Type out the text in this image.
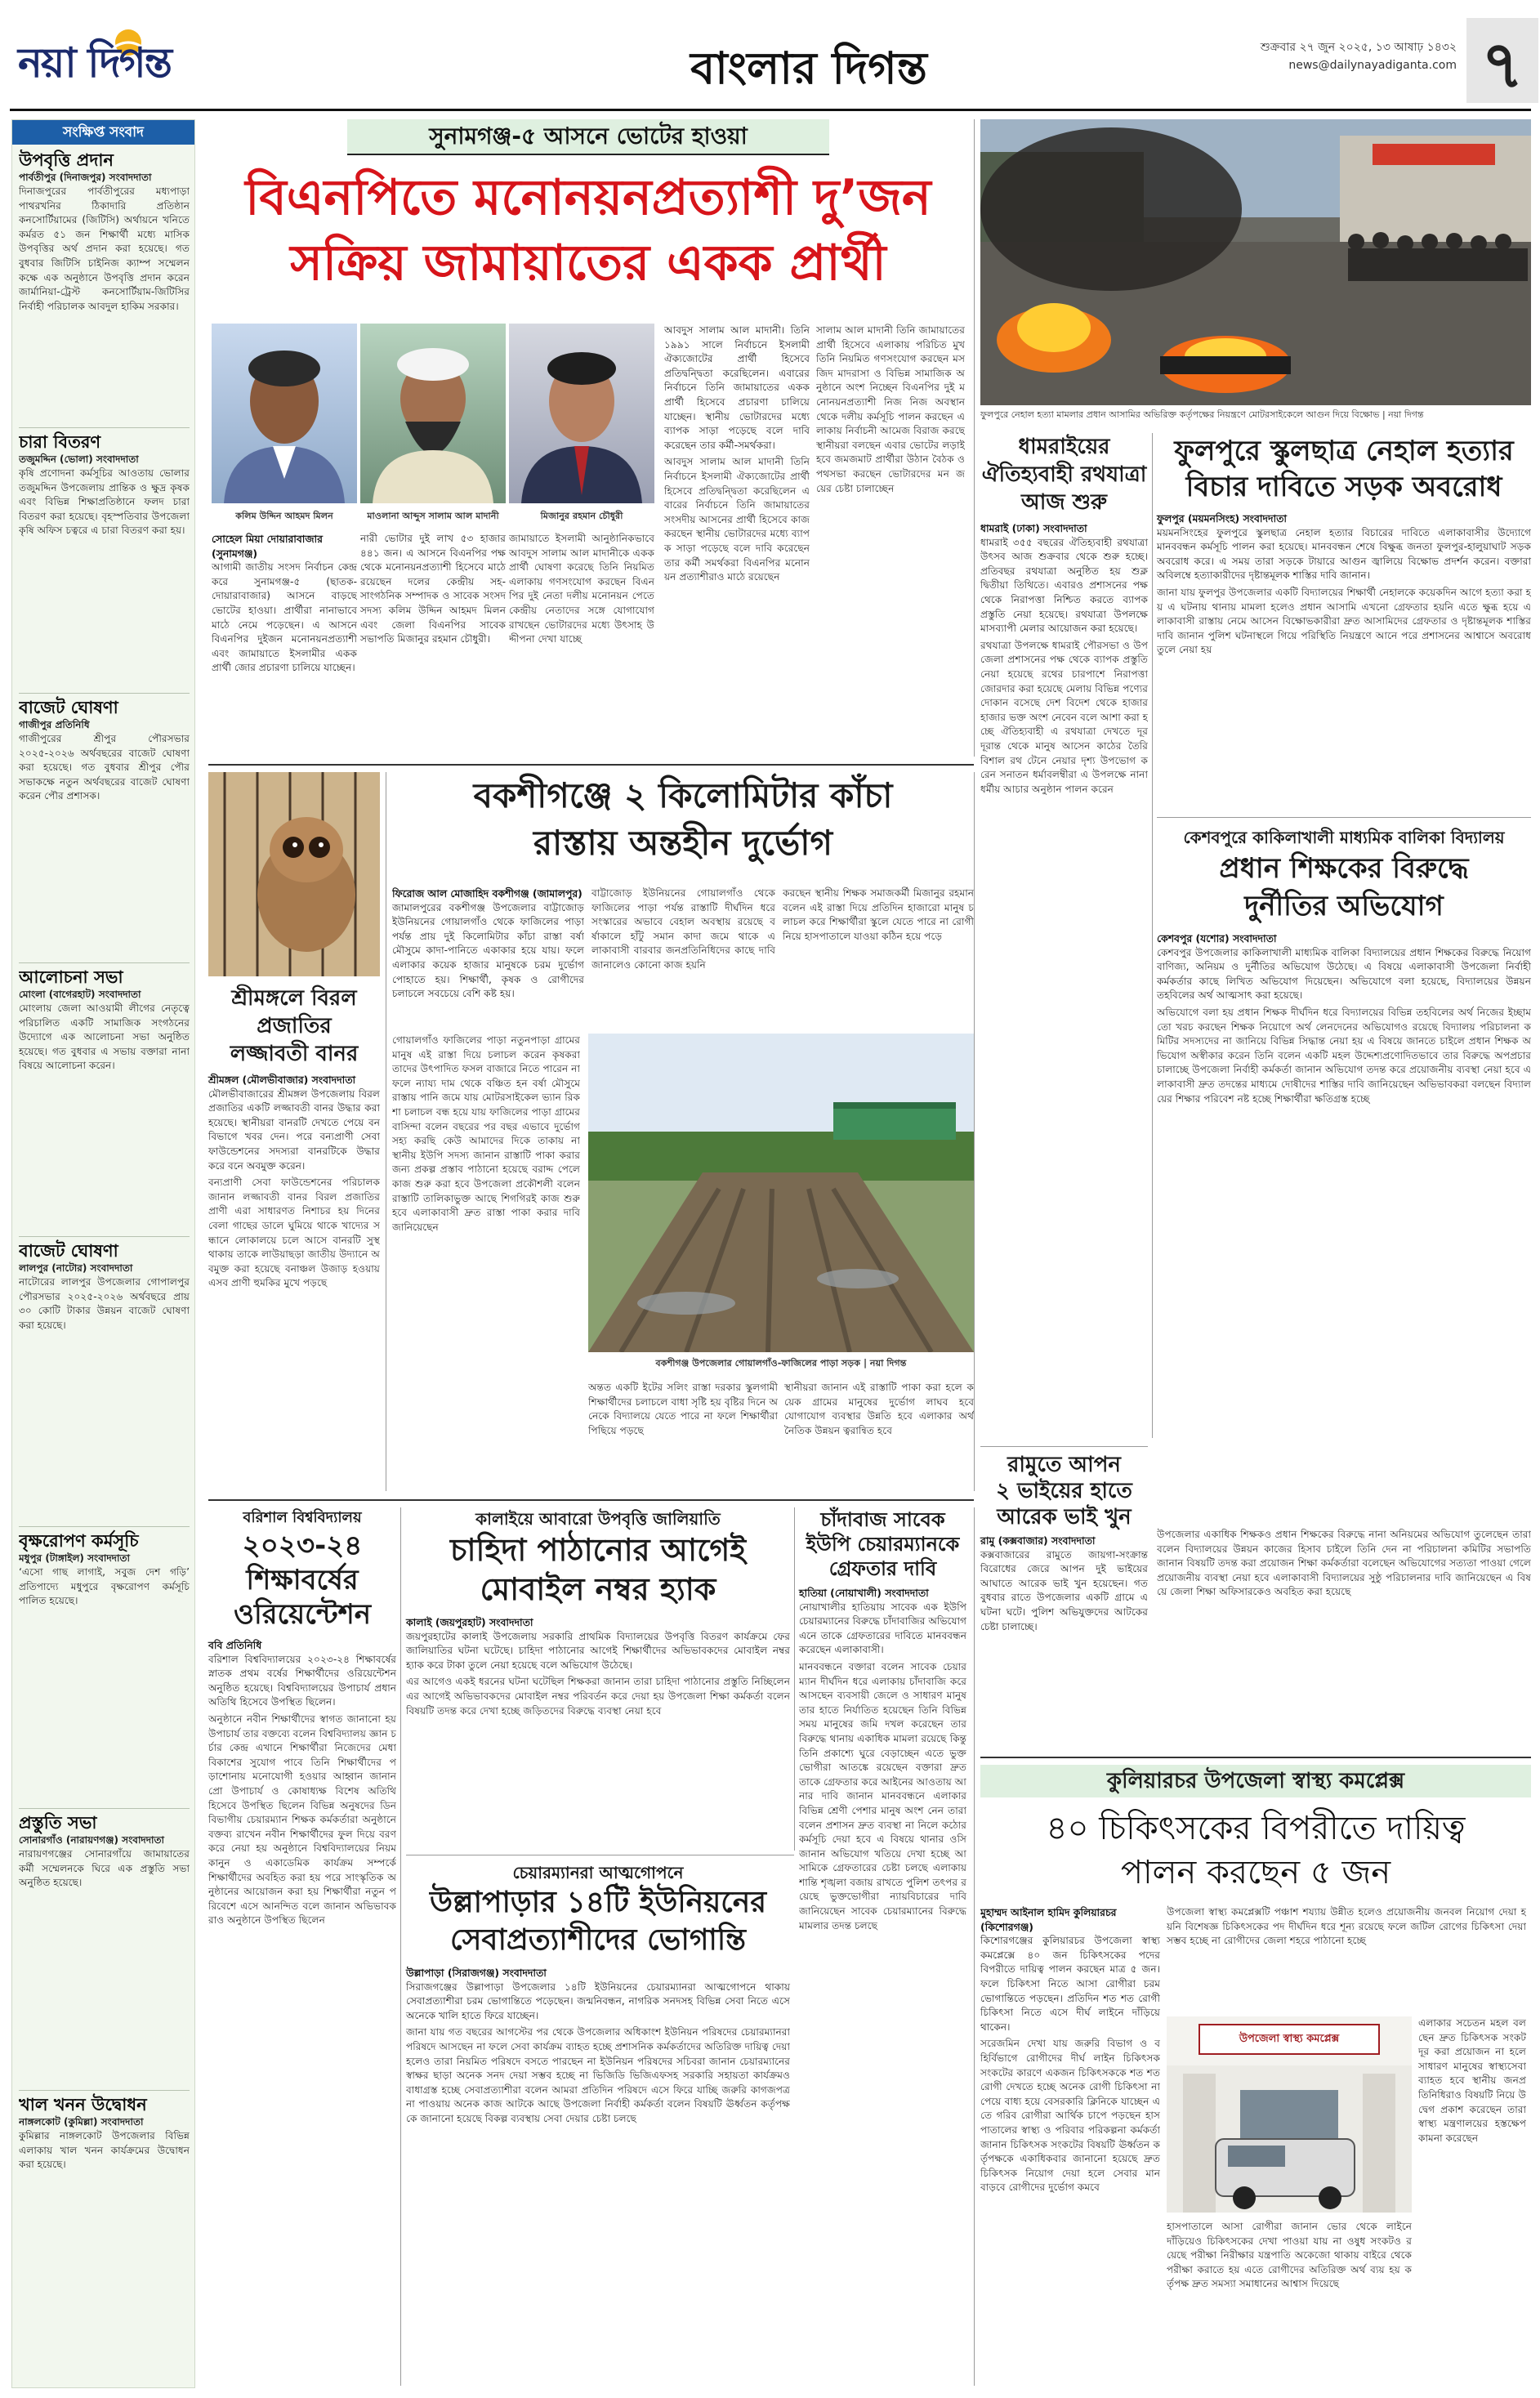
নয়া দিগন্ত	বাংলার দিগন্ত	শুক্রবার ২৭ জুন ২০২৫, ১৩ আষাঢ় ১৪৩২
news@dailynayadiganta.com ৭
সংক্ষিপ্ত সংবাদ
উপবৃত্তি প্রদান
পার্বতীপুর (দিনাজপুর) সংবাদদাতা
দিনাজপুরের পার্বতীপুরের মধ্যপাড়া পাথরখনির ঠিকাদারি প্রতিষ্ঠান কনসোর্টিয়ামের (জিটিসি) অর্থায়নে খনিতে কর্মরত ৫১ জন শিক্ষার্থী মধ্যে মাসিক উপবৃত্তির অর্থ প্রদান করা হয়েছে। গত বুধবার জিটিসি চাইনিজ ক্যাম্প সম্মেলন কক্ষে এক অনুষ্ঠানে উপবৃত্তি প্রদান করেন জার্মানিয়া-ট্রেস্ট কনসোর্টিয়াম-জিটিসির নির্বাহী পরিচালক আবদুল হাকিম সরকার।
চারা বিতরণ
তজুমদ্দিন (ভোলা) সংবাদদাতা
কৃষি প্রণোদনা কর্মসূচির আওতায় ভোলার তজুমদ্দিন উপজেলায় প্রান্তিক ও ক্ষুদ্র কৃষক এবং বিভিন্ন শিক্ষাপ্রতিষ্ঠানে ফলদ চারা বিতরণ করা হয়েছে। বৃহস্পতিবার উপজেলা কৃষি অফিস চত্বরে এ চারা বিতরণ করা হয়।
বাজেট ঘোষণা
গাজীপুর প্রতিনিধি
গাজীপুরের শ্রীপুর পৌরসভার ২০২৫-২০২৬ অর্থবছরের বাজেট ঘোষণা করা হয়েছে। গত বুধবার শ্রীপুর পৌর সভাকক্ষে নতুন অর্থবছরের বাজেট ঘোষণা করেন পৌর প্রশাসক।
আলোচনা সভা
মোংলা (বাগেরহাট) সংবাদদাতা
মোংলায় জেলা আওয়ামী লীগের নেতৃত্বে পরিচালিত একটি সামাজিক সংগঠনের উদ্যোগে এক আলোচনা সভা অনুষ্ঠিত হয়েছে। গত বুধবার এ সভায় বক্তারা নানা বিষয়ে আলোচনা করেন।
বাজেট ঘোষণা
লালপুর (নাটোর) সংবাদদাতা
নাটোরের লালপুর উপজেলার গোপালপুর পৌরসভার ২০২৫-২০২৬ অর্থবছরে প্রায় ৩০ কোটি টাকার উন্নয়ন বাজেট ঘোষণা করা হয়েছে।
বৃক্ষরোপণ কর্মসূচি
মধুপুর (টাঙ্গাইল) সংবাদদাতা
‘এসো গাছ লাগাই, সবুজ দেশ গড়ি’ প্রতিপাদ্যে মধুপুরে বৃক্ষরোপণ কর্মসূচি পালিত হয়েছে।
প্রস্তুতি সভা
সোনারগাঁও (নারায়ণগঞ্জ) সংবাদদাতা
নারায়ণগঞ্জের সোনারগাঁয়ে জামায়াতের কর্মী সম্মেলনকে ঘিরে এক প্রস্তুতি সভা অনুষ্ঠিত হয়েছে।
খাল খনন উদ্বোধন
নাঙ্গলকোট (কুমিল্লা) সংবাদদাতা
কুমিল্লার নাঙ্গলকোট উপজেলার বিভিন্ন এলাকায় খাল খনন কার্যক্রমের উদ্বোধন করা হয়েছে।
সুনামগঞ্জ-৫ আসনে ভোটের হাওয়া
বিএনপিতে মনোনয়নপ্রত্যাশী দু’জন
সক্রিয় জামায়াতের একক প্রার্থী
কলিম উদ্দিন আহমদ মিলন	মাওলানা আব্দুস সালাম আল মাদানী	মিজানুর রহমান চৌধুরী

আবদুস সালাম আল মাদানী। তিনি ১৯৯১ সালে নির্বাচনে ইসলামী ঐক্যজোটের প্রার্থী হিসেবে প্রতিদ্বন্দ্বিতা করেছিলেন। এবারের নির্বাচনে তিনি জামায়াতের একক প্রার্থী হিসেবে প্রচারণা চালিয়ে যাচ্ছেন। স্থানীয় ভোটারদের মধ্যে ব্যাপক সাড়া পড়েছে বলে দাবি করেছেন তার কর্মী-সমর্থকরা।

আবদুস সালাম আল মাদানী তিনি নির্বাচনে ইসলামী ঐক্যজোটের প্রার্থী হিসেবে প্রতিদ্বন্দ্বিতা করেছিলেন এবারের নির্বাচনে তিনি জামায়াতের সংসদীয় আসনের প্রার্থী হিসেবে কাজ করছেন স্থানীয় ভোটারদের মধ্যে ব্যাপক সাড়া পড়েছে বলে দাবি করেছেন তার কর্মী সমর্থকরা বিএনপির মনোনয়ন প্রত্যাশীরাও মাঠে রয়েছেন
সালাম আল মাদানী তিনি জামায়াতের প্রার্থী হিসেবে এলাকায় পরিচিত মুখ তিনি নিয়মিত গণসংযোগ করছেন মসজিদ মাদরাসা ও বিভিন্ন সামাজিক অনুষ্ঠানে অংশ নিচ্ছেন বিএনপির দুই মনোনয়নপ্রত্যাশী নিজ নিজ অবস্থান থেকে দলীয় কর্মসূচি পালন করছেন এলাকায় নির্বাচনী আমেজ বিরাজ করছে স্থানীয়রা বলছেন এবার ভোটের লড়াই হবে জমজমাট প্রার্থীরা উঠান বৈঠক ও পথসভা করছেন ভোটারদের মন জয়ের চেষ্টা চালাচ্ছেন
সোহেল মিয়া দোয়ারাবাজার (সুনামগঞ্জ)

আগামী জাতীয় সংসদ নির্বাচন কেন্দ্র করে সুনামগঞ্জ-৫ (ছাতক-দোয়ারাবাজার) আসনে বাড়ছে ভোটের হাওয়া। প্রার্থীরা নানাভাবে মাঠে নেমে পড়েছেন। এ আসনে বিএনপির দুইজন মনোনয়নপ্রত্যাশী এবং জামায়াতে ইসলামীর একক প্রার্থী জোর প্রচারণা চালিয়ে যাচ্ছেন।

নারী ভোটার দুই লাখ ৫৩ হাজার ৪৪১ জন। এ আসনে বিএনপির পক্ষ থেকে মনোনয়নপ্রত্যাশী হিসেবে মাঠে রয়েছেন দলের কেন্দ্রীয় সহ-সাংগঠনিক সম্পাদক ও সাবেক সংসদ সদস্য কলিম উদ্দিন আহমদ মিলন এবং জেলা বিএনপির সাবেক সভাপতি মিজানুর রহমান চৌধুরী।

জামায়াতে ইসলামী আনুষ্ঠানিকভাবে আবদুস সালাম আল মাদানীকে একক প্রার্থী ঘোষণা করেছে তিনি নিয়মিত এলাকায় গণসংযোগ করছেন বিএনপির দুই নেতা দলীয় মনোনয়ন পেতে কেন্দ্রীয় নেতাদের সঙ্গে যোগাযোগ রাখছেন ভোটারদের মধ্যে উৎসাহ উদ্দীপনা দেখা যাচ্ছে
ফুলপুরে নেহাল হত্যা মামলার প্রধান আসামির অভিরিক্ত কর্তৃপক্ষের নিয়ন্ত্রণে মোটরসাইকেলে আগুন দিয়ে বিক্ষোভ | নয়া দিগন্ত
ধামরাইয়ের
ঐতিহ্যবাহী রথযাত্রা
আজ শুরু
ধামরাই (ঢাকা) সংবাদদাতা

ধামরাই ৩৫৫ বছরের ঐতিহ্যবাহী রথযাত্রা উৎসব আজ শুক্রবার থেকে শুরু হচ্ছে। প্রতিবছর রথযাত্রা অনুষ্ঠিত হয় শুক্ল দ্বিতীয়া তিথিতে। এবারও প্রশাসনের পক্ষ থেকে নিরাপত্তা নিশ্চিত করতে ব্যাপক প্রস্তুতি নেয়া হয়েছে। রথযাত্রা উপলক্ষে মাসব্যাপী মেলার আয়োজন করা হয়েছে।

রথযাত্রা উপলক্ষে ধামরাই পৌরসভা ও উপজেলা প্রশাসনের পক্ষ থেকে ব্যাপক প্রস্তুতি নেয়া হয়েছে রথের চারপাশে নিরাপত্তা জোরদার করা হয়েছে মেলায় বিভিন্ন পণ্যের দোকান বসেছে দেশ বিদেশ থেকে হাজার হাজার ভক্ত অংশ নেবেন বলে আশা করা হচ্ছে ঐতিহ্যবাহী এ রথযাত্রা দেখতে দূর দূরান্ত থেকে মানুষ আসেন কাঠের তৈরি বিশাল রথ টেনে নেয়ার দৃশ্য উপভোগ করেন সনাতন ধর্মাবলম্বীরা এ উপলক্ষে নানা ধর্মীয় আচার অনুষ্ঠান পালন করেন
ফুলপুরে স্কুলছাত্র নেহাল হত্যার
বিচার দাবিতে সড়ক অবরোধ
ফুলপুর (ময়মনসিংহ) সংবাদদাতা

ময়মনসিংহের ফুলপুরে স্কুলছাত্র নেহাল হত্যার বিচারের দাবিতে এলাকাবাসীর উদ্যোগে মানববন্ধন কর্মসূচি পালন করা হয়েছে। মানববন্ধন শেষে বিক্ষুব্ধ জনতা ফুলপুর-হালুয়াঘাট সড়ক অবরোধ করে। এ সময় তারা সড়কে টায়ারে আগুন জ্বালিয়ে বিক্ষোভ প্রদর্শন করেন। বক্তারা অবিলম্বে হত্যাকারীদের দৃষ্টান্তমূলক শাস্তির দাবি জানান।

জানা যায় ফুলপুর উপজেলার একটি বিদ্যালয়ের শিক্ষার্থী নেহালকে কয়েকদিন আগে হত্যা করা হয় এ ঘটনায় থানায় মামলা হলেও প্রধান আসামি এখনো গ্রেফতার হয়নি এতে ক্ষুব্ধ হয়ে এলাকাবাসী রাস্তায় নেমে আসেন বিক্ষোভকারীরা দ্রুত আসামিদের গ্রেফতার ও দৃষ্টান্তমূলক শাস্তির দাবি জানান পুলিশ ঘটনাস্থলে গিয়ে পরিস্থিতি নিয়ন্ত্রণে আনে পরে প্রশাসনের আশ্বাসে অবরোধ তুলে নেয়া হয়
কেশবপুরে কাকিলাখালী মাধ্যমিক বালিকা বিদ্যালয়
প্রধান শিক্ষকের বিরুদ্ধে
দুর্নীতির অভিযোগ
কেশবপুর (যশোর) সংবাদদাতা

কেশবপুর উপজেলার কাকিলাখালী মাধ্যমিক বালিকা বিদ্যালয়ের প্রধান শিক্ষকের বিরুদ্ধে নিয়োগ বাণিজ্য, অনিয়ম ও দুর্নীতির অভিযোগ উঠেছে। এ বিষয়ে এলাকাবাসী উপজেলা নির্বাহী কর্মকর্তার কাছে লিখিত অভিযোগ দিয়েছেন। অভিযোগে বলা হয়েছে, বিদ্যালয়ের উন্নয়ন তহবিলের অর্থ আত্মসাৎ করা হয়েছে।

অভিযোগে বলা হয় প্রধান শিক্ষক দীর্ঘদিন ধরে বিদ্যালয়ের বিভিন্ন তহবিলের অর্থ নিজের ইচ্ছামতো খরচ করছেন শিক্ষক নিয়োগে অর্থ লেনদেনের অভিযোগও রয়েছে বিদ্যালয় পরিচালনা কমিটির সদস্যদের না জানিয়ে বিভিন্ন সিদ্ধান্ত নেয়া হয় এ বিষয়ে জানতে চাইলে প্রধান শিক্ষক অভিযোগ অস্বীকার করেন তিনি বলেন একটি মহল উদ্দেশ্যপ্রণোদিতভাবে তার বিরুদ্ধে অপপ্রচার চালাচ্ছে উপজেলা নির্বাহী কর্মকর্তা জানান অভিযোগ তদন্ত করে প্রয়োজনীয় ব্যবস্থা নেয়া হবে এলাকাবাসী দ্রুত তদন্তের মাধ্যমে দোষীদের শাস্তির দাবি জানিয়েছেন অভিভাবকরা বলছেন বিদ্যালয়ের শিক্ষার পরিবেশ নষ্ট হচ্ছে শিক্ষার্থীরা ক্ষতিগ্রস্ত হচ্ছে
শ্রীমঙ্গলে বিরল
প্রজাতির
লজ্জাবতী বানর
শ্রীমঙ্গল (মৌলভীবাজার) সংবাদদাতা

মৌলভীবাজারের শ্রীমঙ্গল উপজেলায় বিরল প্রজাতির একটি লজ্জাবতী বানর উদ্ধার করা হয়েছে। স্থানীয়রা বানরটি দেখতে পেয়ে বন বিভাগে খবর দেন। পরে বন্যপ্রাণী সেবা ফাউন্ডেশনের সদস্যরা বানরটিকে উদ্ধার করে বনে অবমুক্ত করেন।

বন্যপ্রাণী সেবা ফাউন্ডেশনের পরিচালক জানান লজ্জাবতী বানর বিরল প্রজাতির প্রাণী এরা সাধারণত নিশাচর হয় দিনের বেলা গাছের ডালে ঘুমিয়ে থাকে খাদ্যের সন্ধানে লোকালয়ে চলে আসে বানরটি সুস্থ থাকায় তাকে লাউয়াছড়া জাতীয় উদ্যানে অবমুক্ত করা হয়েছে বনাঞ্চল উজাড় হওয়ায় এসব প্রাণী হুমকির মুখে পড়ছে
বকশীগঞ্জে ২ কিলোমিটার কাঁচা
রাস্তায় অন্তহীন দুর্ভোগ
ফিরোজ আল মোজাহিদ বকশীগঞ্জ (জামালপুর)

জামালপুরের বকশীগঞ্জ উপজেলার বাট্টাজোড় ইউনিয়নের গোয়ালগাঁও থেকে ফাজিলের পাড়া পর্যন্ত প্রায় দুই কিলোমিটার কাঁচা রাস্তা বর্ষা মৌসুমে কাদা-পানিতে একাকার হয়ে যায়। ফলে এলাকার কয়েক হাজার মানুষকে চরম দুর্ভোগ পোহাতে হয়। শিক্ষার্থী, কৃষক ও রোগীদের চলাচলে সবচেয়ে বেশি কষ্ট হয়।

বাট্টাজোড় ইউনিয়নের গোয়ালগাঁও থেকে ফাজিলের পাড়া পর্যন্ত রাস্তাটি দীর্ঘদিন ধরে সংস্কারের অভাবে বেহাল অবস্থায় রয়েছে বর্ষাকালে হাঁটু সমান কাদা জমে থাকে এলাকাবাসী বারবার জনপ্রতিনিধিদের কাছে দাবি জানালেও কোনো কাজ হয়নি
করছেন স্থানীয় শিক্ষক সমাজকর্মী মিজানুর রহমান বলেন এই রাস্তা দিয়ে প্রতিদিন হাজারো মানুষ চলাচল করে শিক্ষার্থীরা স্কুলে যেতে পারে না রোগী নিয়ে হাসপাতালে যাওয়া কঠিন হয়ে পড়ে
গোয়ালগাঁও ফাজিলের পাড়া নতুনপাড়া গ্রামের মানুষ এই রাস্তা দিয়ে চলাচল করেন কৃষকরা তাদের উৎপাদিত ফসল বাজারে নিতে পারেন না ফলে ন্যায্য দাম থেকে বঞ্চিত হন বর্ষা মৌসুমে রাস্তায় পানি জমে যায় মোটরসাইকেল ভ্যান রিকশা চলাচল বন্ধ হয়ে যায় ফাজিলের পাড়া গ্রামের বাসিন্দা বলেন বছরের পর বছর এভাবে দুর্ভোগ সহ্য করছি কেউ আমাদের দিকে তাকায় না স্থানীয় ইউপি সদস্য জানান রাস্তাটি পাকা করার জন্য প্রকল্প প্রস্তাব পাঠানো হয়েছে বরাদ্দ পেলে কাজ শুরু করা হবে উপজেলা প্রকৌশলী বলেন রাস্তাটি তালিকাভুক্ত আছে শিগগিরই কাজ শুরু হবে এলাকাবাসী দ্রুত রাস্তা পাকা করার দাবি জানিয়েছেন
বকশীগঞ্জ উপজেলার গোয়ালগাঁও-ফাজিলের পাড়া সড়ক | নয়া দিগন্ত
অন্তত একটি ইটের সলিং রাস্তা দরকার স্কুলগামী শিক্ষার্থীদের চলাচলে বাধা সৃষ্টি হয় বৃষ্টির দিনে অনেকে বিদ্যালয়ে যেতে পারে না ফলে শিক্ষার্থীরা পিছিয়ে পড়ছে
স্থানীয়রা জানান এই রাস্তাটি পাকা করা হলে কয়েক গ্রামের মানুষের দুর্ভোগ লাঘব হবে যোগাযোগ ব্যবস্থার উন্নতি হবে এলাকার অর্থনৈতিক উন্নয়ন ত্বরান্বিত হবে
রামুতে আপন
২ ভাইয়ের হাতে
আরেক ভাই খুন
রামু (কক্সবাজার) সংবাদদাতা

কক্সবাজারের রামুতে জায়গা-সংক্রান্ত বিরোধের জেরে আপন দুই ভাইয়ের আঘাতে আরেক ভাই খুন হয়েছেন। গত বুধবার রাতে উপজেলার একটি গ্রামে এ ঘটনা ঘটে। পুলিশ অভিযুক্তদের আটকের চেষ্টা চালাচ্ছে।

উপজেলার একাধিক শিক্ষকও প্রধান শিক্ষকের বিরুদ্ধে নানা অনিয়মের অভিযোগ তুলেছেন তারা বলেন বিদ্যালয়ের উন্নয়ন কাজের হিসাব চাইলে তিনি দেন না পরিচালনা কমিটির সভাপতি জানান বিষয়টি তদন্ত করা প্রয়োজন শিক্ষা কর্মকর্তারা বলেছেন অভিযোগের সত্যতা পাওয়া গেলে প্রয়োজনীয় ব্যবস্থা নেয়া হবে এলাকাবাসী বিদ্যালয়ের সুষ্ঠু পরিচালনার দাবি জানিয়েছেন এ বিষয়ে জেলা শিক্ষা অফিসারকেও অবহিত করা হয়েছে
বরিশাল বিশ্ববিদ্যালয়
২০২৩-২৪
শিক্ষাবর্ষের
ওরিয়েন্টেশন
ববি প্রতিনিধি

বরিশাল বিশ্ববিদ্যালয়ের ২০২৩-২৪ শিক্ষাবর্ষের স্নাতক প্রথম বর্ষের শিক্ষার্থীদের ওরিয়েন্টেশন অনুষ্ঠিত হয়েছে। বিশ্ববিদ্যালয়ের উপাচার্য প্রধান অতিথি হিসেবে উপস্থিত ছিলেন।

অনুষ্ঠানে নবীন শিক্ষার্থীদের স্বাগত জানানো হয় উপাচার্য তার বক্তব্যে বলেন বিশ্ববিদ্যালয় জ্ঞান চর্চার কেন্দ্র এখানে শিক্ষার্থীরা নিজেদের মেধা বিকাশের সুযোগ পাবে তিনি শিক্ষার্থীদের পড়াশোনায় মনোযোগী হওয়ার আহ্বান জানান প্রো উপাচার্য ও কোষাধ্যক্ষ বিশেষ অতিথি হিসেবে উপস্থিত ছিলেন বিভিন্ন অনুষদের ডিন বিভাগীয় চেয়ারম্যান শিক্ষক কর্মকর্তারা অনুষ্ঠানে বক্তব্য রাখেন নবীন শিক্ষার্থীদের ফুল দিয়ে বরণ করে নেয়া হয় অনুষ্ঠানে বিশ্ববিদ্যালয়ের নিয়মকানুন ও একাডেমিক কার্যক্রম সম্পর্কে শিক্ষার্থীদের অবহিত করা হয় পরে সাংস্কৃতিক অনুষ্ঠানের আয়োজন করা হয় শিক্ষার্থীরা নতুন পরিবেশে এসে আনন্দিত বলে জানান অভিভাবকরাও অনুষ্ঠানে উপস্থিত ছিলেন
কালাইয়ে আবারো উপবৃত্তি জালিয়াতি
চাহিদা পাঠানোর আগেই
মোবাইল নম্বর হ্যাক
কালাই (জয়পুরহাট) সংবাদদাতা

জয়পুরহাটের কালাই উপজেলায় সরকারি প্রাথমিক বিদ্যালয়ের উপবৃত্তি বিতরণ কার্যক্রমে ফের জালিয়াতির ঘটনা ঘটেছে। চাহিদা পাঠানোর আগেই শিক্ষার্থীদের অভিভাবকদের মোবাইল নম্বর হ্যাক করে টাকা তুলে নেয়া হয়েছে বলে অভিযোগ উঠেছে।

এর আগেও একই ধরনের ঘটনা ঘটেছিল শিক্ষকরা জানান তারা চাহিদা পাঠানোর প্রস্তুতি নিচ্ছিলেন এর আগেই অভিভাবকদের মোবাইল নম্বর পরিবর্তন করে দেয়া হয় উপজেলা শিক্ষা কর্মকর্তা বলেন বিষয়টি তদন্ত করে দেখা হচ্ছে জড়িতদের বিরুদ্ধে ব্যবস্থা নেয়া হবে
চাঁদাবাজ সাবেক
ইউপি চেয়ারম্যানকে
গ্রেফতার দাবি
হাতিয়া (নোয়াখালী) সংবাদদাতা

নোয়াখালীর হাতিয়ায় সাবেক এক ইউপি চেয়ারম্যানের বিরুদ্ধে চাঁদাবাজির অভিযোগ এনে তাকে গ্রেফতারের দাবিতে মানববন্ধন করেছেন এলাকাবাসী।

মানববন্ধনে বক্তারা বলেন সাবেক চেয়ারম্যান দীর্ঘদিন ধরে এলাকায় চাঁদাবাজি করে আসছেন ব্যবসায়ী জেলে ও সাধারণ মানুষ তার হাতে নির্যাতিত হয়েছেন তিনি বিভিন্ন সময় মানুষের জমি দখল করেছেন তার বিরুদ্ধে থানায় একাধিক মামলা রয়েছে কিন্তু তিনি প্রকাশ্যে ঘুরে বেড়াচ্ছেন এতে ভুক্তভোগীরা আতঙ্কে রয়েছেন বক্তারা দ্রুত তাকে গ্রেফতার করে আইনের আওতায় আনার দাবি জানান মানববন্ধনে এলাকার বিভিন্ন শ্রেণী পেশার মানুষ অংশ নেন তারা বলেন প্রশাসন দ্রুত ব্যবস্থা না নিলে কঠোর কর্মসূচি দেয়া হবে এ বিষয়ে থানার ওসি জানান অভিযোগ খতিয়ে দেখা হচ্ছে আসামিকে গ্রেফতারের চেষ্টা চলছে এলাকায় শান্তি শৃঙ্খলা বজায় রাখতে পুলিশ তৎপর রয়েছে ভুক্তভোগীরা ন্যায়বিচারের দাবি জানিয়েছেন সাবেক চেয়ারম্যানের বিরুদ্ধে মামলার তদন্ত চলছে
চেয়ারম্যানরা আত্মগোপনে
উল্লাপাড়ার ১৪টি ইউনিয়নের
সেবাপ্রত্যাশীদের ভোগান্তি
উল্লাপাড়া (সিরাজগঞ্জ) সংবাদদাতা

সিরাজগঞ্জের উল্লাপাড়া উপজেলার ১৪টি ইউনিয়নের চেয়ারম্যানরা আত্মগোপনে থাকায় সেবাপ্রত্যাশীরা চরম ভোগান্তিতে পড়েছেন। জন্মনিবন্ধন, নাগরিক সনদসহ বিভিন্ন সেবা নিতে এসে অনেকে খালি হাতে ফিরে যাচ্ছেন।

জানা যায় গত বছরের আগস্টের পর থেকে উপজেলার অধিকাংশ ইউনিয়ন পরিষদের চেয়ারম্যানরা পরিষদে আসছেন না ফলে সেবা কার্যক্রম ব্যাহত হচ্ছে প্রশাসনিক কর্মকর্তাদের অতিরিক্ত দায়িত্ব দেয়া হলেও তারা নিয়মিত পরিষদে বসতে পারছেন না ইউনিয়ন পরিষদের সচিবরা জানান চেয়ারম্যানের স্বাক্ষর ছাড়া অনেক সনদ দেয়া সম্ভব হচ্ছে না ভিজিডি ভিজিএফসহ সরকারি সহায়তা কার্যক্রমও বাধাগ্রস্ত হচ্ছে সেবাপ্রত্যাশীরা বলেন আমরা প্রতিদিন পরিষদে এসে ফিরে যাচ্ছি জরুরি কাগজপত্র না পাওয়ায় অনেক কাজ আটকে আছে উপজেলা নির্বাহী কর্মকর্তা বলেন বিষয়টি ঊর্ধ্বতন কর্তৃপক্ষকে জানানো হয়েছে বিকল্প ব্যবস্থায় সেবা দেয়ার চেষ্টা চলছে
কুলিয়ারচর উপজেলা স্বাস্থ্য কমপ্লেক্স
৪০ চিকিৎসকের বিপরীতে দায়িত্ব
পালন করছেন ৫ জন
মুহাম্মদ আইনাল হামিদ কুলিয়ারচর (কিশোরগঞ্জ)

কিশোরগঞ্জের কুলিয়ারচর উপজেলা স্বাস্থ্য কমপ্লেক্সে ৪০ জন চিকিৎসকের পদের বিপরীতে দায়িত্ব পালন করছেন মাত্র ৫ জন। ফলে চিকিৎসা নিতে আসা রোগীরা চরম ভোগান্তিতে পড়ছেন। প্রতিদিন শত শত রোগী চিকিৎসা নিতে এসে দীর্ঘ লাইনে দাঁড়িয়ে থাকেন।

সরেজমিন দেখা যায় জরুরি বিভাগ ও বহির্বিভাগে রোগীদের দীর্ঘ লাইন চিকিৎসক সংকটের কারণে একজন চিকিৎসককে শত শত রোগী দেখতে হচ্ছে অনেক রোগী চিকিৎসা না পেয়ে বাধ্য হয়ে বেসরকারি ক্লিনিকে যাচ্ছেন এতে গরিব রোগীরা আর্থিক চাপে পড়ছেন হাসপাতালের স্বাস্থ্য ও পরিবার পরিকল্পনা কর্মকর্তা জানান চিকিৎসক সংকটের বিষয়টি ঊর্ধ্বতন কর্তৃপক্ষকে একাধিকবার জানানো হয়েছে দ্রুত চিকিৎসক নিয়োগ দেয়া হলে সেবার মান বাড়বে রোগীদের দুর্ভোগ কমবে
উপজেলা স্বাস্থ্য কমপ্লেক্সটি পঞ্চাশ শয্যায় উন্নীত হলেও প্রয়োজনীয় জনবল নিয়োগ দেয়া হয়নি বিশেষজ্ঞ চিকিৎসকের পদ দীর্ঘদিন ধরে শূন্য রয়েছে ফলে জটিল রোগের চিকিৎসা দেয়া সম্ভব হচ্ছে না রোগীদের জেলা শহরে পাঠানো হচ্ছে
উপজেলা স্বাস্থ্য কমপ্লেক্স
এলাকার সচেতন মহল বলছেন দ্রুত চিকিৎসক সংকট দূর করা প্রয়োজন না হলে সাধারণ মানুষের স্বাস্থ্যসেবা ব্যাহত হবে স্থানীয় জনপ্রতিনিধিরাও বিষয়টি নিয়ে উদ্বেগ প্রকাশ করেছেন তারা স্বাস্থ্য মন্ত্রণালয়ের হস্তক্ষেপ কামনা করেছেন
হাসপাতালে আসা রোগীরা জানান ভোর থেকে লাইনে দাঁড়িয়েও চিকিৎসকের দেখা পাওয়া যায় না ওষুধ সংকটও রয়েছে পরীক্ষা নিরীক্ষার যন্ত্রপাতি অকেজো থাকায় বাইরে থেকে পরীক্ষা করাতে হয় এতে রোগীদের অতিরিক্ত অর্থ ব্যয় হয় কর্তৃপক্ষ দ্রুত সমস্যা সমাধানের আশ্বাস দিয়েছে
